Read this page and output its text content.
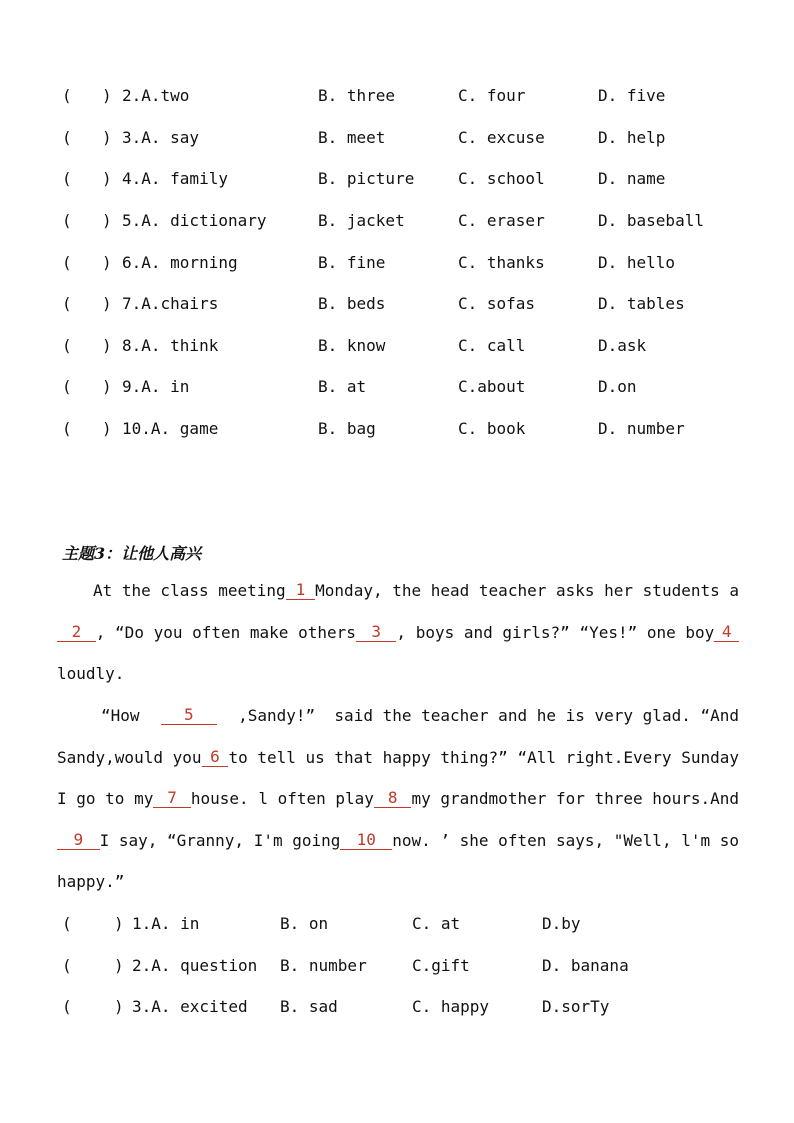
( ) 2.A.two	B. three	C. four	D. five
( ) 3.A. say	B. meet	C. excuse	D. help
( ) 4.A. family	B. picture	C. school	D. name
( ) 5.A. dictionary	B. jacket	C. eraser	D. baseball
( ) 6.A. morning	B. fine	C. thanks	D. hello
( ) 7.A.chairs	B. beds	C. sofas	D. tables
( ) 8.A. think	B. know	C. call	D.ask
( ) 9.A. in	B. at	C.about	D.on
( ) 10.A. game	B. bag	C. book	D. number
主题3：让他人高兴
At the class meeting 1 Monday, the head teacher asks her students a
2 , “Do you often make others 3 , boys and girls?” “Yes!” one boy 4
loudly.
“How	5	,Sandy!”  said the teacher and he is very glad. “And
Sandy,would you 6 to tell us that happy thing?” “All right.Every Sunday
I go to my 7 house. l often play 8 my grandmother for three hours.And
9	I say, “Granny, I'm going	10	now. ’ she often says, "Well, l'm so
happy.”
(	) 1.A. in	B. on	C. at	D.by
(	) 2.A. question B. number	C.gift	D. banana
(	) 3.A. excited B. sad	C. happy	D.sorTy
